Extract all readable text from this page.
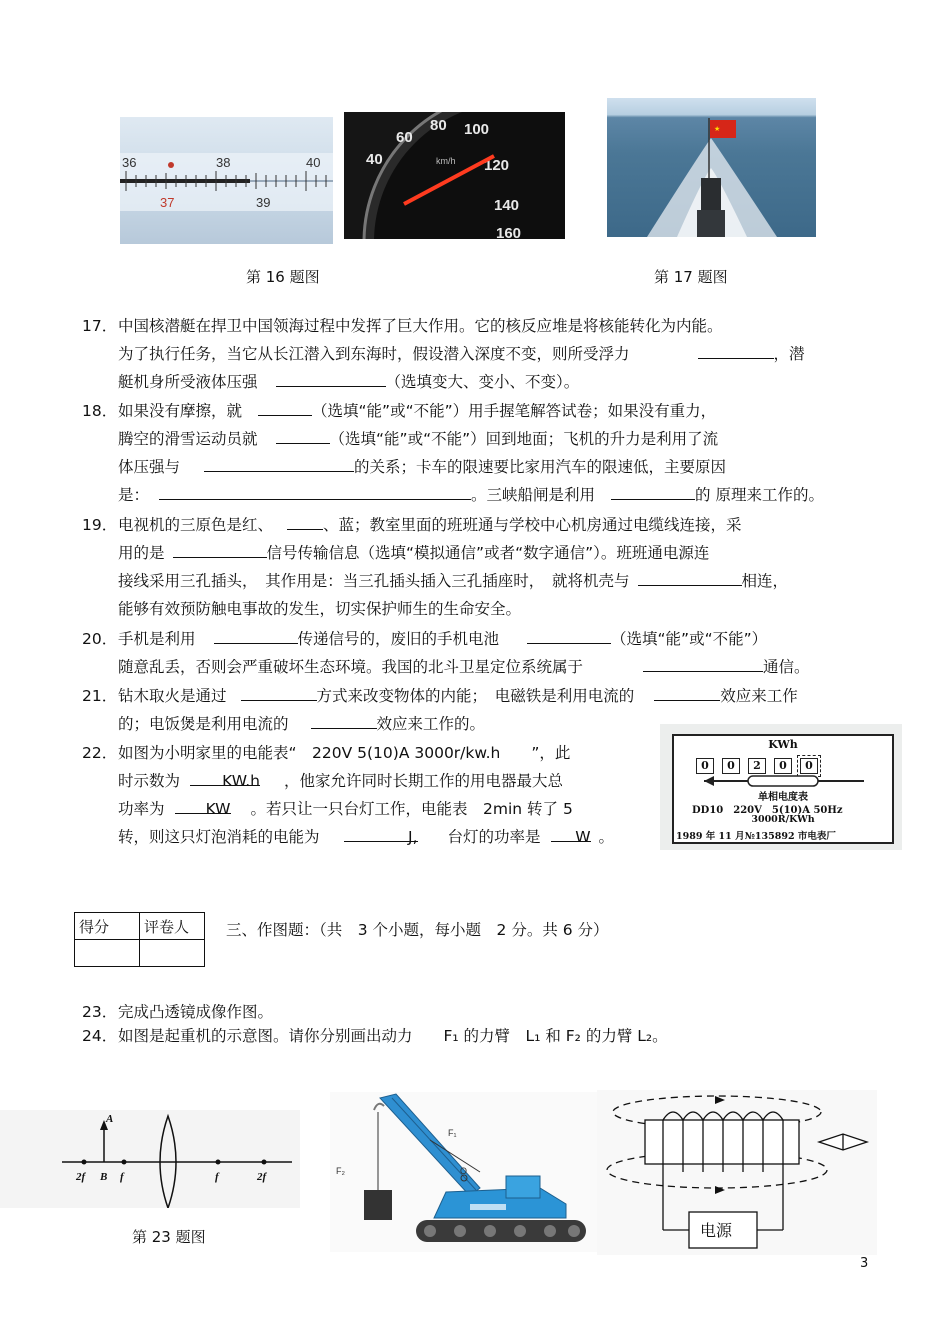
36
37
38
39
40	40
60
80 100
120
140
160
km/h
★
第 16 题图	第 17 题图
17．中国核潜艇在捍卫中国领海过程中发挥了巨大作用。它的核反应堆是将核能转化为内能。
为了执行任务，当它从长江潜入到东海时，假设潜入深度不变，则所受浮力	，潜
艇机身所受液体压强	（选填变大、变小、不变）。
18．如果没有摩擦，就	（选填“能”或“不能”）用手握笔解答试卷；如果没有重力，
腾空的滑雪运动员就	（选填“能”或“不能”）回到地面；飞机的升力是利用了流
体压强与	的关系；卡车的限速要比家用汽车的限速低，主要原因
是：	。三峡船闸是利用	的 原理来工作的。
19．电视机的三原色是红、	、蓝；教室里面的班班通与学校中心机房通过电缆线连接，采
用的是	信号传输信息（选填“模拟通信”或者“数字通信”）。班班通电源连
接线采用三孔插头，　其作用是：当三孔插头插入三孔插座时，　就将机壳与	相连，
能够有效预防触电事故的发生，切实保护师生的生命安全。
20．手机是利用	传递信号的，废旧的手机电池	（选填“能”或“不能”）
随意乱丢，否则会严重破坏生态环境。我国的北斗卫星定位系统属于	通信。
21．钻木取火是通过	方式来改变物体的内能；　电磁铁是利用电流的	效应来工作
的；电饭煲是利用电流的	效应来工作的。
22．如图为小明家里的电能表“　220V 5(10)A 3000r/kw.h　　”，此
时示数为	KW.h ，他家允许同时长期工作的用电器最大总
功率为	KW 。若只让一只台灯工作，电能表　2min 转了 5
转，则这只灯泡消耗的电能为	J, 台灯的功率是 W 。
KWh
0 0 2 0 0
单相电度表
DD10　220V　5(10)A 50Hz
3000R/KWh
1989 年 11 月№135892 市电表厂
得分	评卷人
	三、作图题：（共　3 个小题，每小题　2 分。共 6 分）
23．完成凸透镜成像作图。
24．如图是起重机的示意图。请你分别画出动力　　F₁ 的力臂　L₁ 和 F₂ 的力臂 L₂。
A
2f B f	f	2f
第 23 题图
F₁
F₂	O
电源
3
